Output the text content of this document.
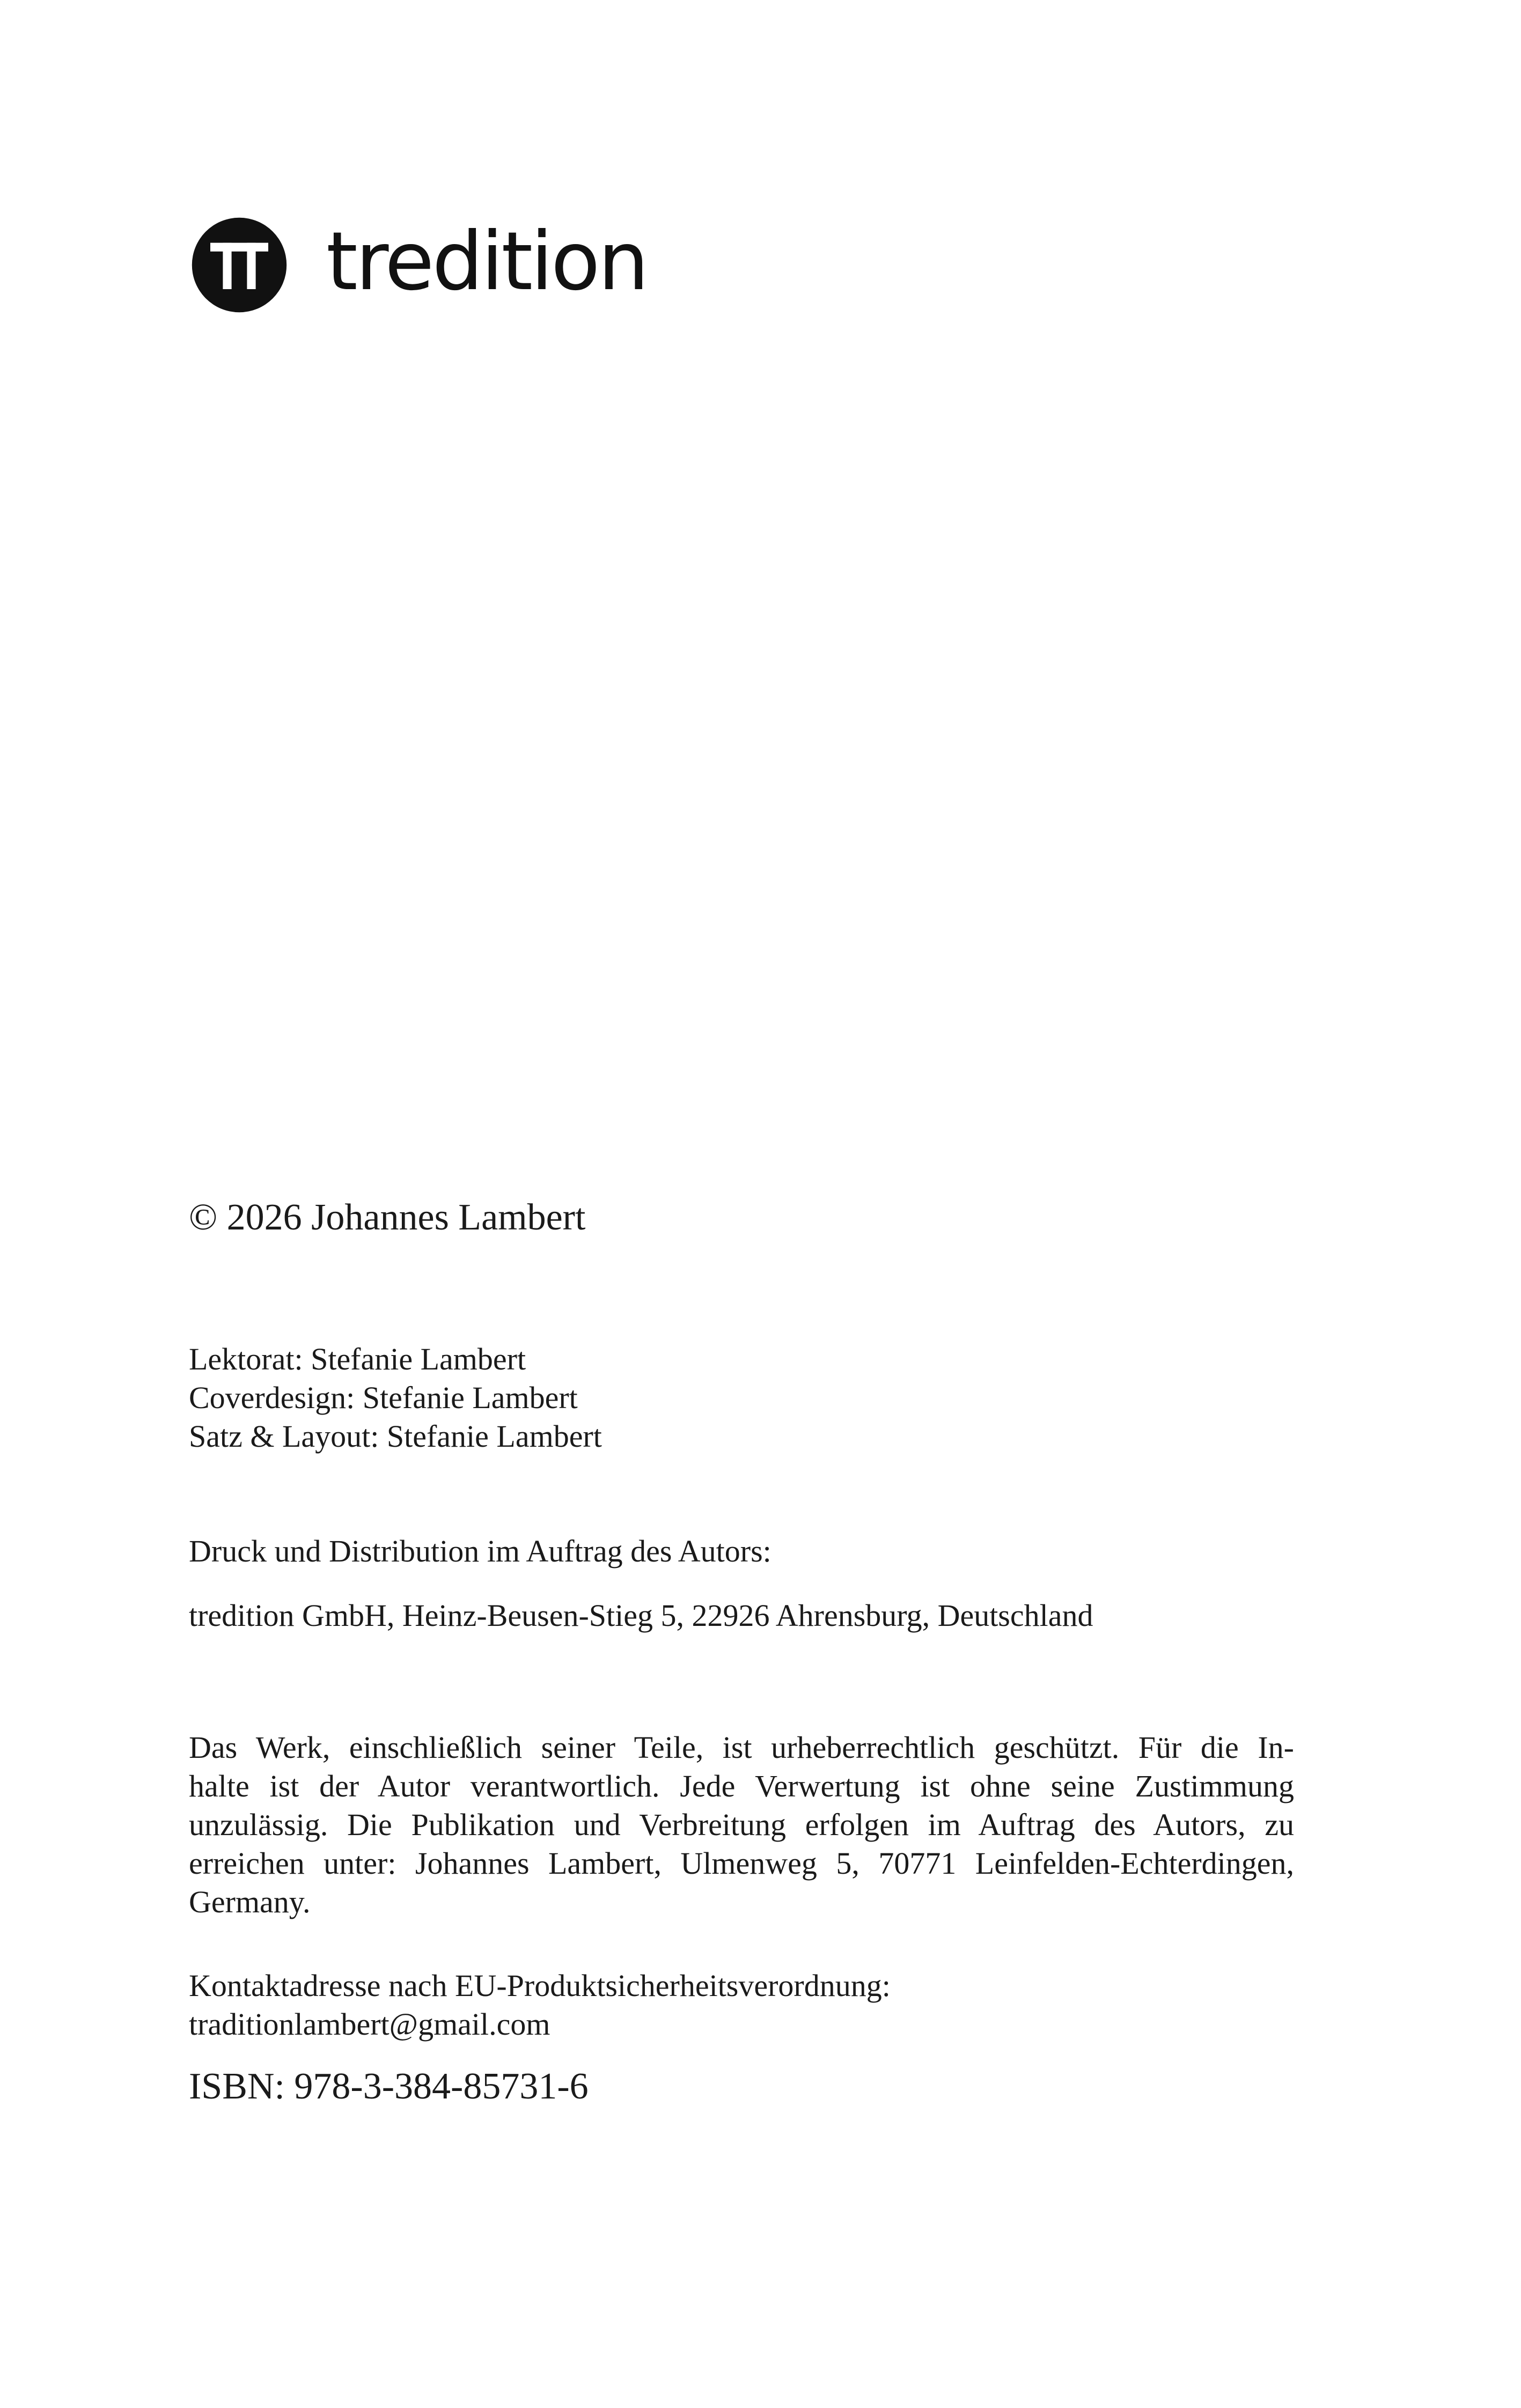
tredition

© 2026 Johannes Lambert

Lektorat: Stefanie Lambert
Coverdesign: Stefanie Lambert
Satz & Layout: Stefanie Lambert

Druck und Distribution im Auftrag des Autors:

tredition GmbH, Heinz-Beusen-Stieg 5, 22926 Ahrensburg, Deutschland

Das Werk, einschließlich seiner Teile, ist urheberrechtlich geschützt. Für die In-
halte ist der Autor verantwortlich. Jede Verwertung ist ohne seine Zustimmung
unzulässig. Die Publikation und Verbreitung erfolgen im Auftrag des Autors, zu
erreichen unter: Johannes Lambert, Ulmenweg 5, 70771 Leinfelden-Echterdingen,
Germany.
Kontaktadresse nach EU-Produktsicherheitsverordnung:
traditionlambert@gmail.com

ISBN: 978-3-384-85731-6
